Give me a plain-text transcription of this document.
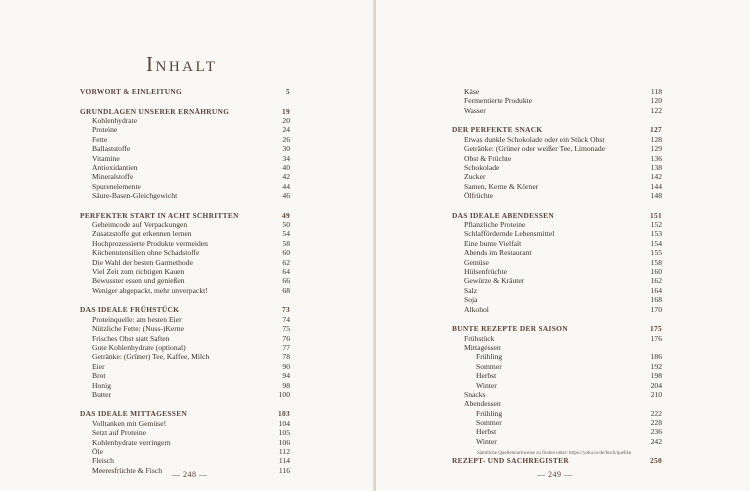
Inhalt
VORWORT & EINLEITUNG	5
GRUNDLAGEN UNSERER ERNÄHRUNG	19
Kohlenhydrate	20
Proteine	24
Fette	26
Ballaststoffe	30
Vitamine	34
Antioxidantien	40
Mineralstoffe	42
Spurenelemente	44
Säure-Basen-Gleichgewicht	46
PERFEKTER START IN ACHT SCHRITTEN	49
Geheimcode auf Verpackungen	50
Zusatzstoffe gut erkennen lernen	54
Hochprozessierte Produkte vermeiden	58
Küchenutensilien ohne Schadstoffe	60
Die Wahl der besten Garmethode	62
Viel Zeit zum richtigen Kauen	64
Bewusster essen und genießen	66
Weniger abgepackt, mehr unverpackt!	68
DAS IDEALE FRÜHSTÜCK	73
Proteinquelle: am besten Eier	74
Nützliche Fette: (Nuss-)Kerne	75
Frisches Obst statt Saften	76
Gute Kohlenhydrate (optional)	77
Getränke: (Grüner) Tee, Kaffee, Milch	78
Eier	90
Brot	94
Honig	98
Butter	100
DAS IDEALE MITTAGESSEN	103
Volltanken mit Gemüse!	104
Setzt auf Proteine	105
Kohlenhydrate verringern	106
Öle	112
Fleisch	114
Meeresfrüchte & Fisch	116
— 248 —
Käse	118
Fermentierte Produkte	120
Wasser	122
DER PERFEKTE SNACK	127
Etwas dunkle Schokolade oder ein Stück Obst	128
Getränke: (Grüner oder weißer Tee, Limonade	129
Obst & Früchte	136
Schokolade	138
Zucker	142
Samen, Kerne & Körner	144
Ölfrüchte	148
DAS IDEALE ABENDESSEN	151
Pflanzliche Proteine	152
Schlaffördernde Lebensmittel	153
Eine bunte Vielfalt	154
Abends im Restaurant	155
Gemüse	158
Hülsenfrüchte	160
Gewürze & Kräuter	162
Salz	164
Soja	168
Alkohol	170
BUNTE REZEPTE DER SAISON	175
Frühstück	176
Mittagessen
Frühling	186
Sommer	192
Herbst	198
Winter	204
Snacks	210
Abendessen
Frühling	222
Sommer	228
Herbst	236
Winter	242
REZEPT- UND SACHREGISTER	250
Sämtliche Quellennachweise zu finden unter: https://yoku.io/de/buch/quellen
— 249 —
